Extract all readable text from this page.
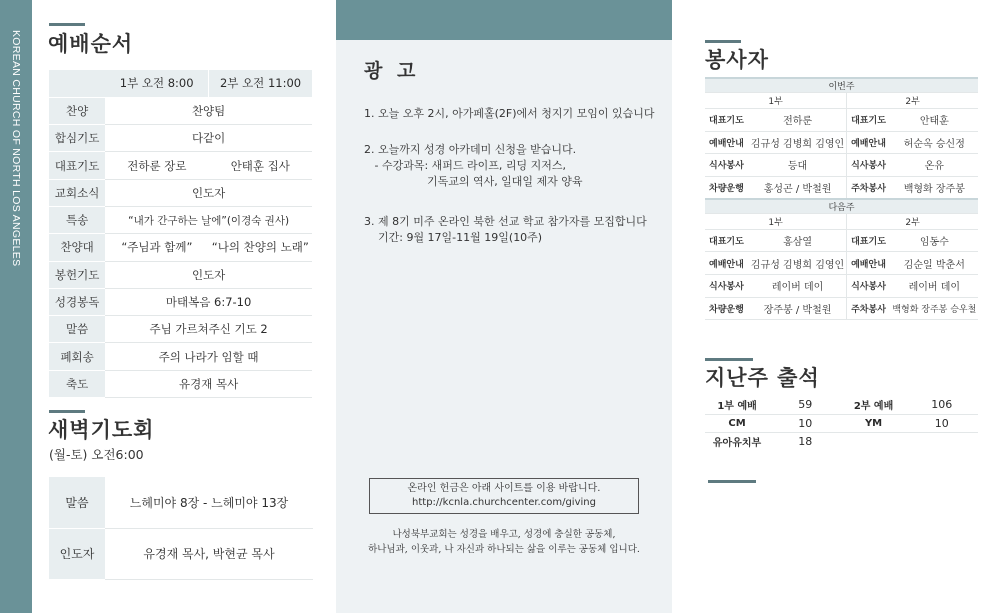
KOREAN CHURCH OF NORTH LOS ANGELES 예배순서
	1부 오전 8:00	2부 오전 11:00
찬양	찬양팀	
합심기도	다같이	
대표기도	전하룬 장로	안태훈 집사
교회소식	인도자	
특송	“내가 간구하는 날에”(이경숙 권사)	
찬양대	“주님과 함께”	“나의 찬양의 노래”
봉헌기도	인도자	
성경봉독	마태복음 6:7-10	
말씀	주님 가르쳐주신 기도 2	
폐회송	주의 나라가 임할 때	
축도	유경재 목사	
새벽기도회
(월-토) 오전6:00
말씀	느헤미야 8장 - 느헤미야 13장
인도자	유경재 목사, 박현균 목사
광 고
1. 오늘 오후 2시, 아가페홀(2F)에서 청지기 모임이 있습니다
2. 오늘까지 성경 아카데미 신청을 받습니다.
- 수강과목: 새퍼드 라이프, 리딩 지저스,
기독교의 역사, 일대일 제자 양육
3. 제 8기 미주 온라인 북한 선교 학교 참가자를 모집합니다
기간: 9월 17일-11월 19일(10주)
온라인 헌금은 아래 사이트를 이용 바랍니다.
http://kcnla.churchcenter.com/giving
나성북부교회는 성경을 배우고, 성경에 충실한 공동체,
하나님과, 이웃과, 나 자신과 하나되는 삶을 이루는 공동체 입니다.
봉사자
이번주			
1부		2부	
대표기도	전하룬	대표기도	안태훈
예배안내	김규성 김병희 김영인	예배안내	허순옥 승신정
식사봉사	등대	식사봉사	온유
차량운행	홍성곤 / 박철원	주차봉사	백형화 장주봉
다음주			
1부		2부	
대표기도	홍삼열	대표기도	임동수
예배안내	김규성 김병희 김영인	예배안내	김순일 박춘서
식사봉사	레이버 데이	식사봉사	레이버 데이
차량운행	장주봉 / 박철원	주차봉사	백형화 장주봉 승우철
지난주 출석
1부 예배	59	2부 예배	106
CM	10	YM	10
유아유치부	18		
